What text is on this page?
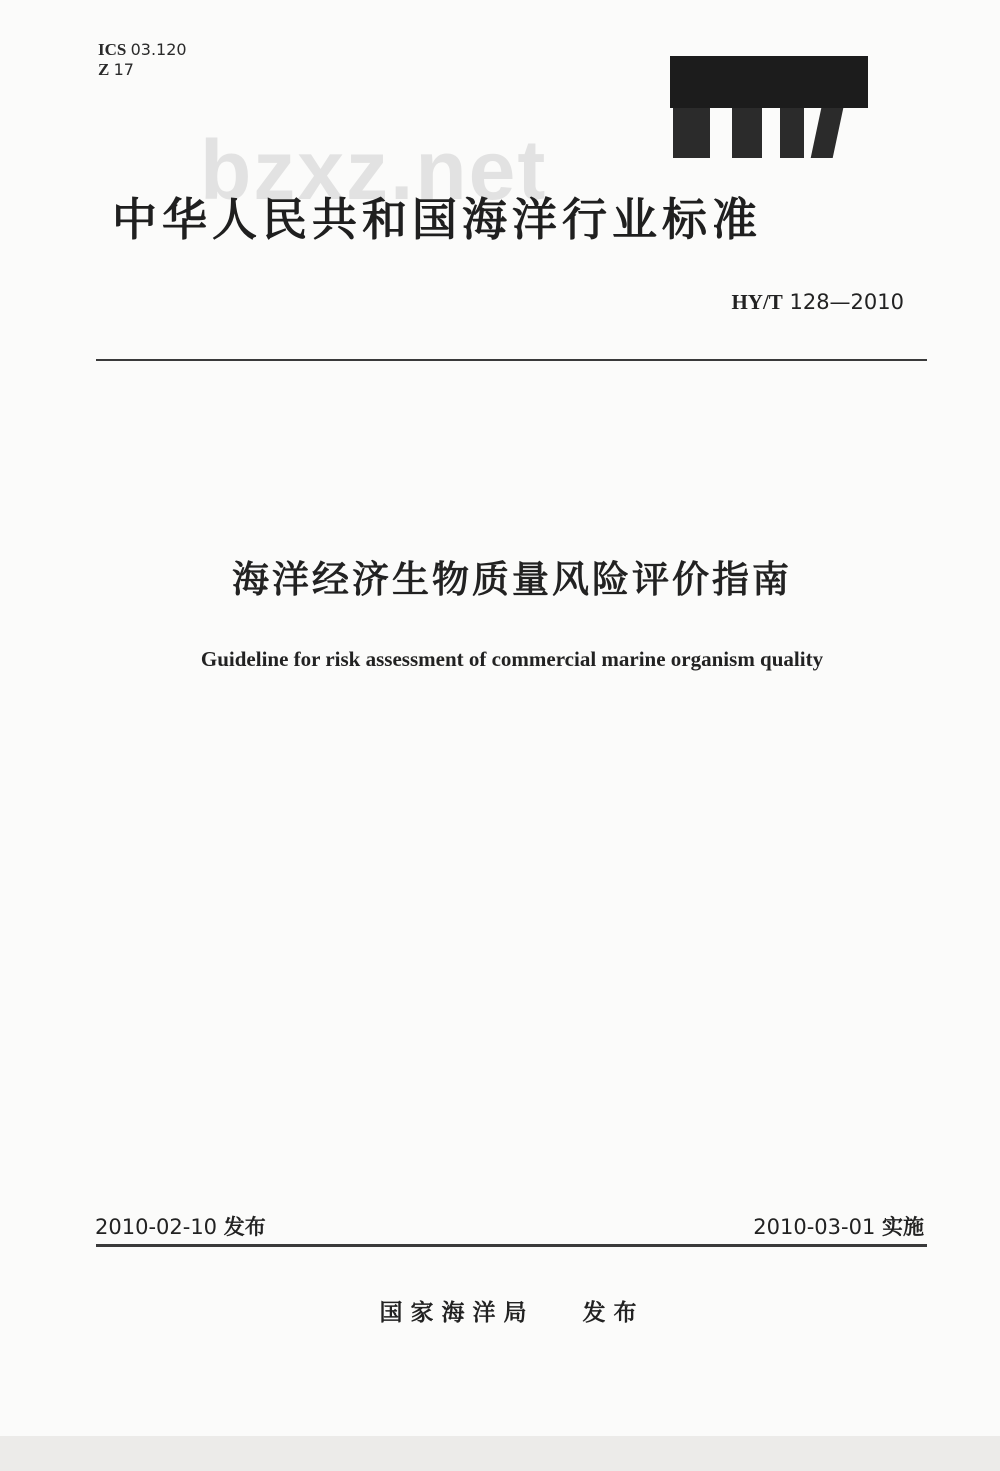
ICS 03.120
Z 17
bzxz.net
中华人民共和国海洋行业标准
HY/T 128—2010
海洋经济生物质量风险评价指南
Guideline for risk assessment of commercial marine organism quality
2010-02-10 发布	2010-03-01 实施
国家海洋局 发布
